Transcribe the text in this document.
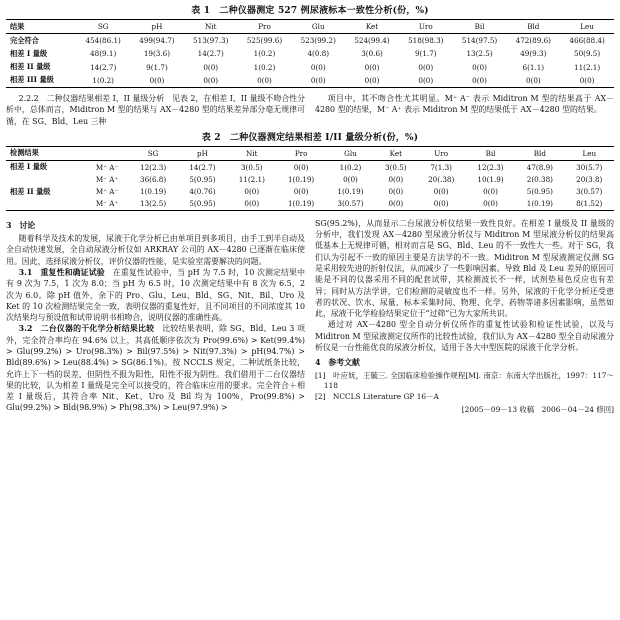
表 1　二种仪器测定 527 例尿液标本一致性分析(份，%)
结果	SG	pH	Nit	Pro	Glu	Ket	Uro	Bil	Bld	Leu
完全符合	454(86.1)	499(94.7)	513(97.3)	525(99.6)	523(99.2)	524(99.4)	518(98.3)	514(97.5)	472(89.6)	466(88.4)
相差 I 量级	48(9.1)	19(3.6)	14(2.7)	1(0.2)	4(0.8)	3(0.6)	9(1.7)	13(2.5)	49(9.3)	50(9.5)
相差 II 量级	14(2.7)	9(1.7)	0(0)	1(0.2)	0(0)	0(0)	0(0)	0(0)	6(1.1)	11(2.1)
相差 III 量级	1(0.2)	0(0)	0(0)	0(0)	0(0)	0(0)	0(0)	0(0)	0(0)	0(0)

2.2.2　二种仪器结果相差 I、II 量级分析　见表 2，在相差 I、II 量级不吻合性分析中，总体而言，Miditron M 型的结果与 AX－4280 型的结果差异部分毫无规律可循，在 SG、Bld、Leu 三种

项目中，其不吻合性尤其明显。M⁺ A⁻ 表示 Miditron M 型的结果高于 AX－4280 型的结果，M⁻ A⁺ 表示 Miditron M 型的结果低于 AX－4280 型的结果。

表 2　二种仪器测定结果相差 I/II 量级分析(份，%)
检测结果		SG	pH	Nit	Pro	Glu	Ket	Uro	Bil	Bld	Leu
相差 I 量级	M⁺ A⁻	12(2.3)	14(2.7)	3(0.5)	0(0)	1(0.2)	3(0.5)	7(1.3)	12(2.3)	47(8.9)	30(5.7)
	M⁻ A⁺	36(6.8)	5(0.95)	11(2.1)	1(0.19)	0(0)	0(0)	20(.38)	10(1.9)	2(0.38)	20(3.8)
相差 II 量级	M⁺ A⁻	1(0.19)	4(0.76)	0(0)	0(0)	1(0.19)	0(0)	0(0)	0(0)	5(0.95)	3(0.57)
	M⁻ A⁺	13(2.5)	5(0.95)	0(0)	1(0.19)	3(0.57)	0(0)	0(0)	0(0)	1(0.19)	8(1.52)
3　讨论

随着科学及技术的发展，尿液干化学分析已由单项目到多项目，由手工到半自动及全自动快速发展，全自动尿液分析仪如 ARKRAY 公司的 AX－4280 已逐渐在临床使用。因此，选择尿液分析仪，评价仪器的性能，是实验室需要解决的问题。

3.1　重复性和确证试验　 在重复性试验中，当 pH 为 7.5 时，10 次测定结果中有 9 次为 7.5，1 次为 8.0；当 pH 为 6.5 时，10 次测定结果中有 8 次为 6.5，2 次为 6.0。除 pH 值外，余下的 Pro、Glu、Leu、Bld、SG、Nit、Bil、Uro 及 Ket 的 10 次检测结果完全一致，表明仪器的重复性好，且不同项目的不同浓度其 10 次结果均与预设值和试带说明书相吻合，说明仪器的准确性高。

3.2　二台仪器的干化学分析结果比较　 比较结果表明，除 SG、Bld、Leu 3 项外，完全符合率均在 94.6% 以上，其高低顺序依次为 Pro(99.6%) > Ket(99.4%) > Glu(99.2%) > Uro(98.3%) > Bil(97.5%) > Nit(97.3%) > pH(94.7%) > Bld(89.6%) > Leu(88.4%) > SG(86.1%)。按 NCCLS 规定，二种试纸条比较，允许上下一档的误差，但阴性不报为阳性，阳性不报为阴性。我们借用于二台仪器结果的比较，认为相差 I 量级是完全可以接受的，符合临床应用的要求。完全符合＋相差 I 量级后，其符合率 Nit、Ket、Uro 及 Bil 均为 100%，Pro(99.8%) > Glu(99.2%) > Bld(98.9%) > Ph(98.3%) > Leu(97.9%) >

SG(95.2%)，从而显示二台尿液分析仪结果一致性良好。在相差 I 量级及 II 量级的分析中，我们发现 AX－4280 型尿液分析仪与 Miditron M 型尿液分析仪的结果高低基本上无规律可循，相对而言是 SG、Bld、Leu 的不一致性大一些。对于 SG，我们认为引起不一致的原因主要是方法学的不一致。Miditron M 型尿液测定仪测 SG 是采用较先进的折射仪法，从而减少了一些影响因素。导致 Bld 及 Leu 差异的原因可能是不同的仪器采用不同的配套试带，其检测波长不一样，试剂垫易色反应也有差异；同时从方法学讲，它们检测的灵敏度也不一样。另外，尿液的干化学分析还受患者的状况、饮水、尿量、标本采集时间、物理、化学、药物等诸多因素影响，虽然如此，尿液干化学检验结果定位于“过筛”已为大家所共识。

通过对 AX－4280 型全自动分析仪所作的重复性试验和检证性试验，以及与 Miditron M 型尿液测定仪所作的比较性试验，我们认为 AX－4280 型全自动尿液分析仪是一台性能优良的尿液分析仪，适用于各大中型医院的尿液干化学分析。

4　参考文献
[1]　叶应妩，王毓三. 全国临床检验操作规程[M]. 南京：东南大学出版社，1997：117～118
[2]　NCCLS Literature GP 16－A
[2005－09－13 收稿　2006－04－24 修回]
